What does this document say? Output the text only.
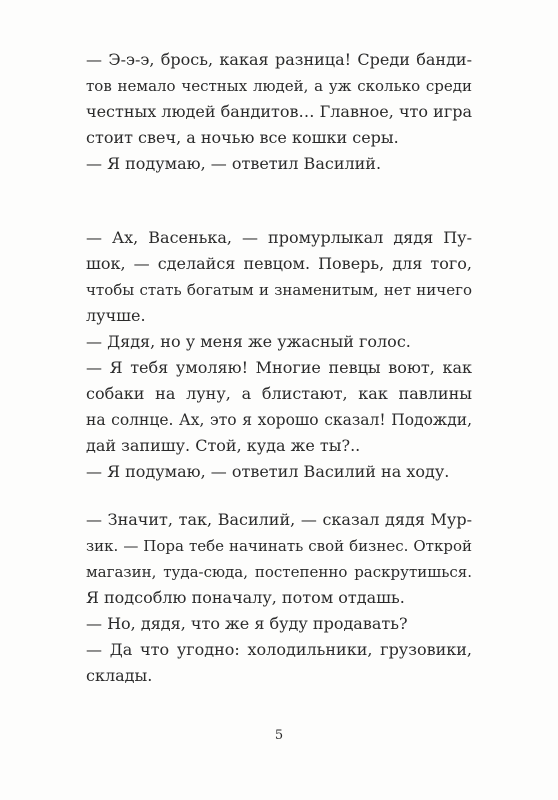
— Э-э-э, брось, какая разница! Среди банди-
тов немало честных людей, а уж сколько среди
честных людей бандитов… Главное, что игра
стоит свеч, а ночью все кошки серы.
— Я подумаю, — ответил Василий.
— Ах, Васенька, — промурлыкал дядя Пу-
шок, — сделайся певцом. Поверь, для того,
чтобы стать богатым и знаменитым, нет ничего
лучше.
— Дядя, но у меня же ужасный голос.
— Я тебя умоляю! Многие певцы воют, как
собаки на луну, а блистают, как павлины
на солнце. Ах, это я хорошо сказал! Подожди,
дай запишу. Стой, куда же ты?..
— Я подумаю, — ответил Василий на ходу.
— Значит, так, Василий, — сказал дядя Мур-
зик. — Пора тебе начинать свой бизнес. Открой
магазин, туда-сюда, постепенно раскрутишься.
Я подсоблю поначалу, потом отдашь.
— Но, дядя, что же я буду продавать?
— Да что угодно: холодильники, грузовики,
склады.
5
